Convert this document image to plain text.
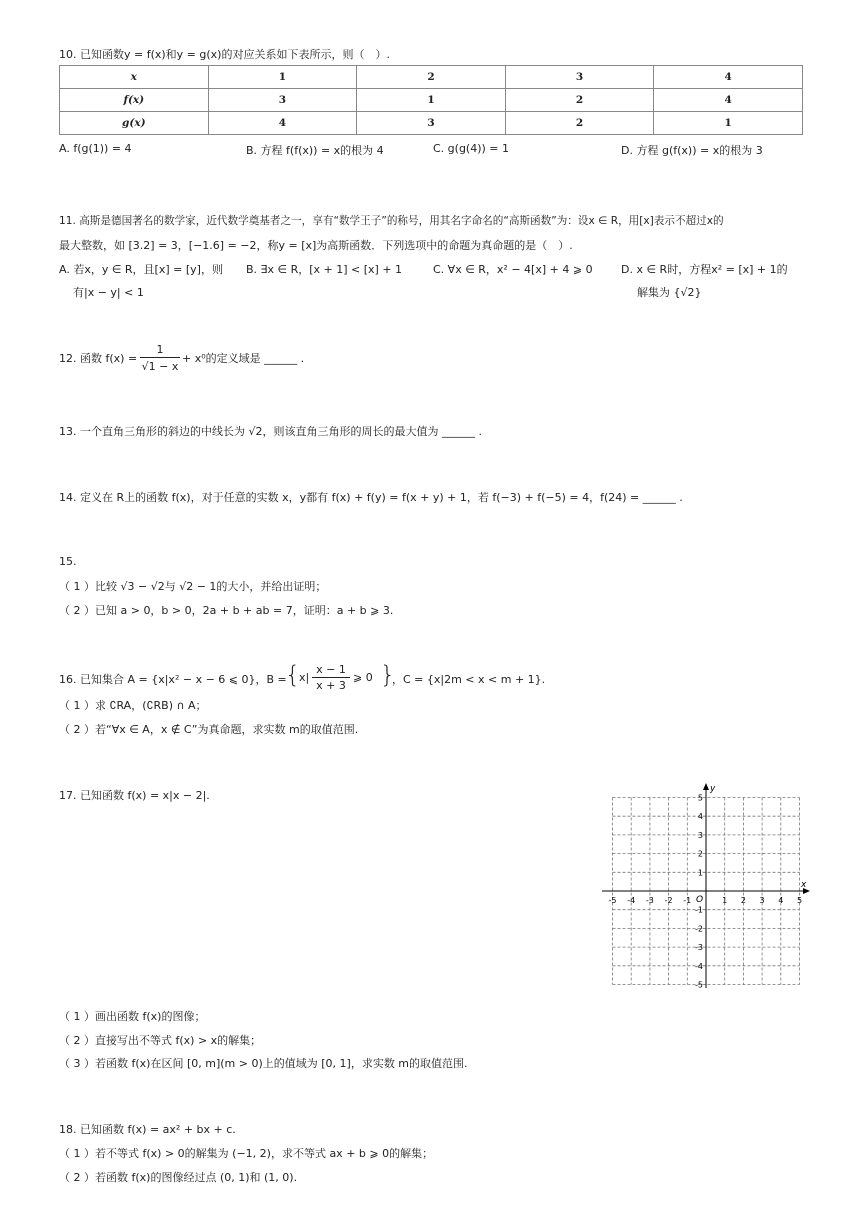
10. 已知函数y = f(x)和y = g(x)的对应关系如下表所示，则（　）.
x	1	2	3	4
f(x)	3	1	2	4
g(x)	4	3	2	1
A. f(g(1)) = 4	B. 方程 f(f(x)) = x的根为 4	C. g(g(4)) = 1	D. 方程 g(f(x)) = x的根为 3
11. 高斯是德国著名的数学家，近代数学奠基者之一，享有“数学王子”的称号，用其名字命名的“高斯函数”为：设x ∈ R，用[x]表示不超过x的
最大整数，如 [3.2] = 3，[−1.6] = −2，称y = [x]为高斯函数．下列选项中的命题为真命题的是（　）.
A. 若x，y ∈ R，且[x] = [y]，则
有|x − y| < 1
B. ∃x ∈ R，[x + 1] < [x] + 1	C. ∀x ∈ R，x² − 4[x] + 4 ⩾ 0	D. x ∈ R时，方程x² = [x] + 1的
解集为 {√2}
12. 函数 f(x) =
1
√1 − x
+ x⁰的定义域是 ______ .
13. 一个直角三角形的斜边的中线长为 √2，则该直角三角形的周长的最大值为 ______ .
14. 定义在 R上的函数 f(x)，对于任意的实数 x，y都有 f(x) + f(y) = f(x + y) + 1，若 f(−3) + f(−5) = 4，f(24) = ______ .
15.
（ 1 ）比较 √3 − √2与 √2 − 1的大小，并给出证明；
（ 2 ）已知 a > 0，b > 0，2a + b + ab = 7，证明：a + b ⩾ 3.
16. 已知集合 A = {x|x² − x − 6 ⩽ 0}，B =
{
x|
x − 1
x + 3
⩾ 0 }
，C = {x|2m < x < m + 1}.
（ 1 ）求 ∁RA，(∁RB) ∩ A；
（ 2 ）若“∀x ∈ A，x ∉ C”为真命题，求实数 m的取值范围.
17. 已知函数 f(x) = x|x − 2|.
x
y
O
-5 -4 -3 -2 -1	1 2 3 4 5
5
4
3
2
1
-1
-2
-3
-4
-5
（ 1 ）画出函数 f(x)的图像；
（ 2 ）直接写出不等式 f(x) > x的解集；
（ 3 ）若函数 f(x)在区间 [0, m](m > 0)上的值域为 [0, 1]，求实数 m的取值范围.
18. 已知函数 f(x) = ax² + bx + c.
（ 1 ）若不等式 f(x) > 0的解集为 (−1, 2)，求不等式 ax + b ⩾ 0的解集；
（ 2 ）若函数 f(x)的图像经过点 (0, 1)和 (1, 0).
